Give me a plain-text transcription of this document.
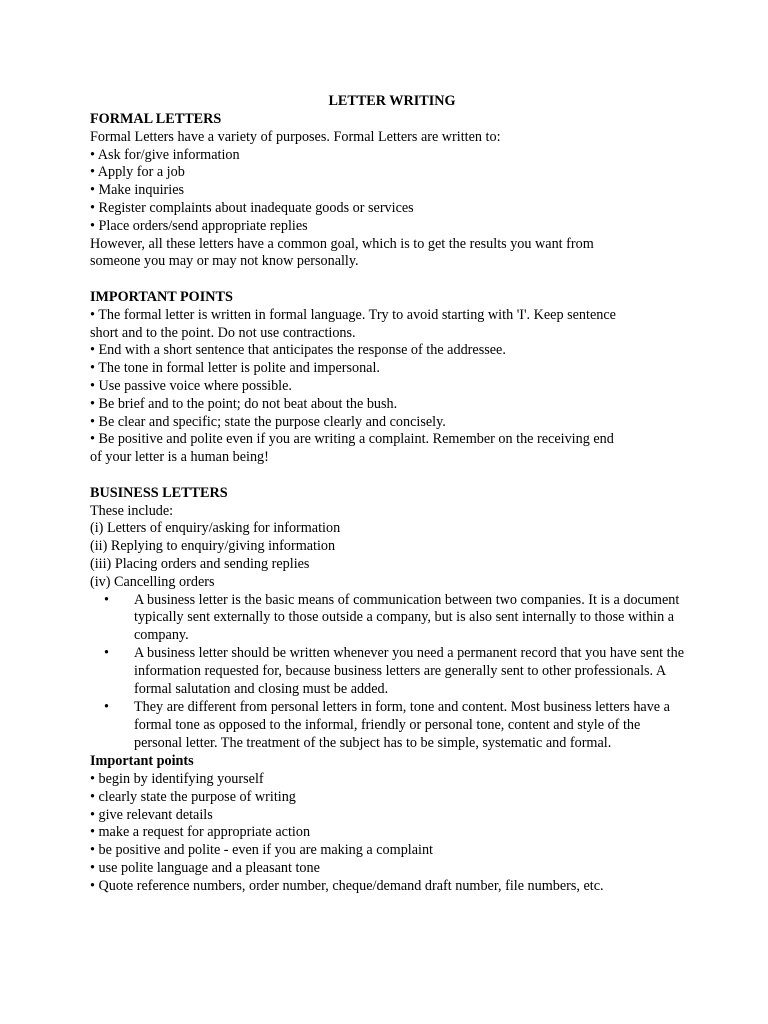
LETTER WRITING

FORMAL LETTERS

Formal Letters have a variety of purposes. Formal Letters are written to:

• Ask for/give information

• Apply for a job

• Make inquiries

• Register complaints about inadequate goods or services

• Place orders/send appropriate replies

However, all these letters have a common goal, which is to get the results you want from

someone you may or may not know personally.

IMPORTANT POINTS

• The formal letter is written in formal language. Try to avoid starting with 'I'. Keep sentence

short and to the point. Do not use contractions.

• End with a short sentence that anticipates the response of the addressee.

• The tone in formal letter is polite and impersonal.

• Use passive voice where possible.

• Be brief and to the point; do not beat about the bush.

• Be clear and specific; state the purpose clearly and concisely.

• Be positive and polite even if you are writing a complaint. Remember on the receiving end

of your letter is a human being!

BUSINESS LETTERS

These include:

(i) Letters of enquiry/asking for information

(ii) Replying to enquiry/giving information

(iii) Placing orders and sending replies

(iv) Cancelling orders

• A business letter is the basic means of communication between two companies. It is a document typically sent externally to those outside a company, but is also sent internally to those within a company.
• A business letter should be written whenever you need a permanent record that you have sent the information requested for, because business letters are generally sent to other professionals. A formal salutation and closing must be added.
• They are different from personal letters in form, tone and content. Most business letters have a formal tone as opposed to the informal, friendly or personal tone, content and style of the personal letter. The treatment of the subject has to be simple, systematic and formal.

Important points

• begin by identifying yourself

• clearly state the purpose of writing

• give relevant details

• make a request for appropriate action

• be positive and polite - even if you are making a complaint

• use polite language and a pleasant tone

• Quote reference numbers, order number, cheque/demand draft number, file numbers, etc.
